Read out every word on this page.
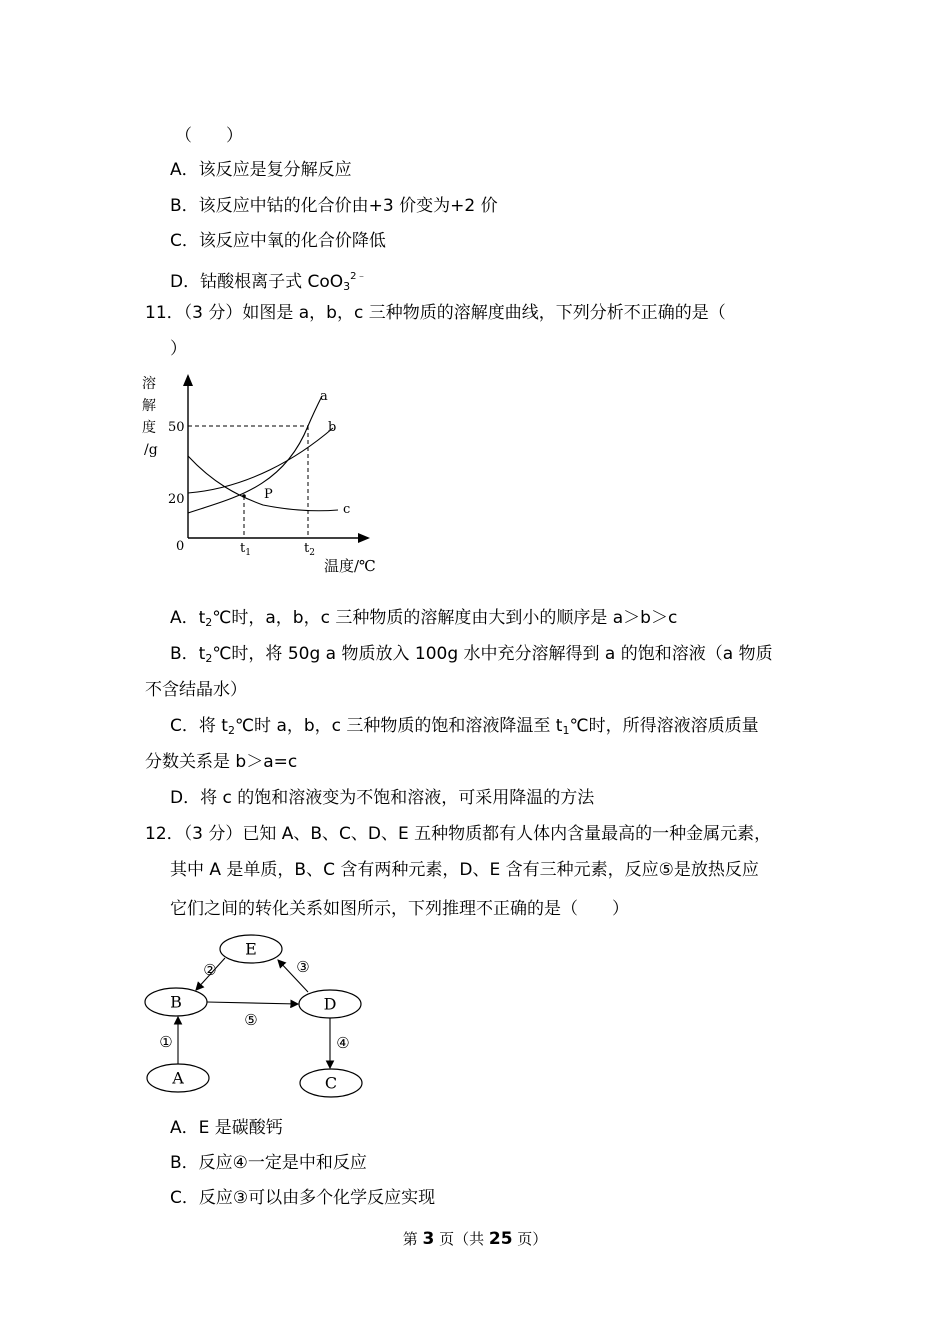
（　　）
A．该反应是复分解反应
B．该反应中钴的化合价由+3 价变为+2 价
C．该反应中氧的化合价降低
D．钴酸根离子式 CoO$_3^{2﹣}$
11．（3 分）如图是 a，b，c 三种物质的溶解度曲线，下列分析不正确的是（
）
溶
解
度
/g
50
20
0	$t_1$	$t_2$
温度/℃
a
b
c
P
A．$t_2℃$时，a，b，c 三种物质的溶解度由大到小的顺序是 a＞b＞c
B．$t_2℃$时，将 50g a 物质放入 100g 水中充分溶解得到 a 的饱和溶液（a 物质
不含结晶水）
C．将 $t_2℃$时 a，b，c 三种物质的饱和溶液降温至 $t_1℃$时，所得溶液溶质质量
分数关系是 b＞a=c
D．将 c 的饱和溶液变为不饱和溶液，可采用降温的方法
12．（3 分）已知 A、B、C、D、E 五种物质都有人体内含量最高的一种金属元素，
其中 A 是单质，B、C 含有两种元素，D、E 含有三种元素，反应⑤是放热反应
它们之间的转化关系如图所示，下列推理不正确的是（　　）
E
B	D
A	C
②	③
⑤
①	④
A．E 是碳酸钙
B．反应④一定是中和反应
C．反应③可以由多个化学反应实现
第 3 页（共 25 页）
